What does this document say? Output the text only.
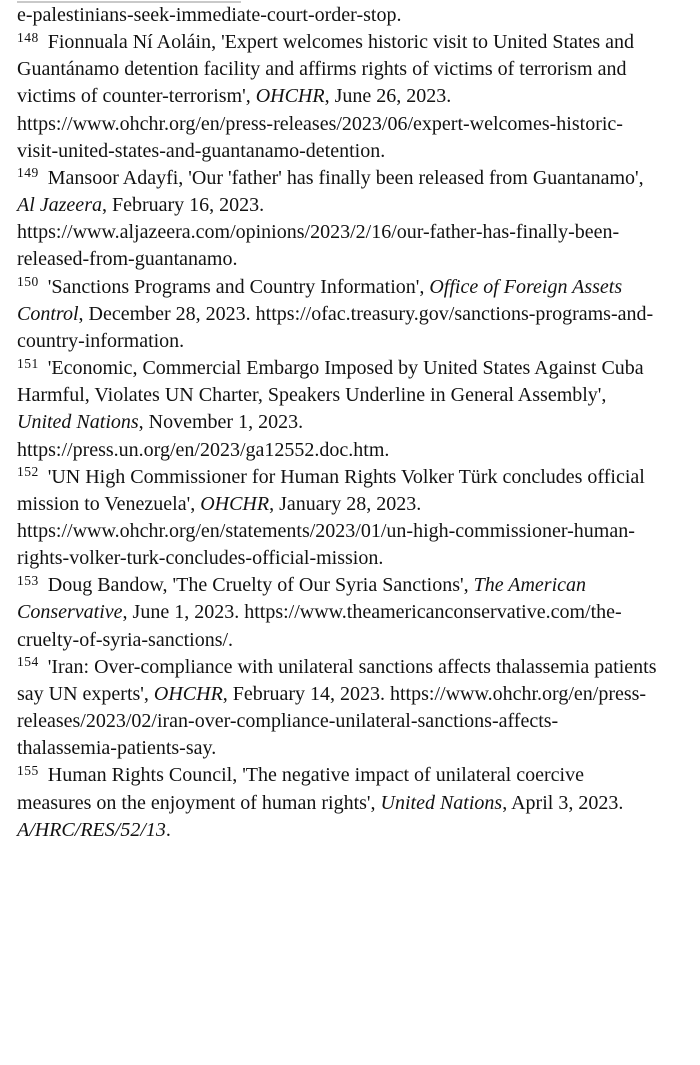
e-palestinians-seek-immediate-court-order-stop.

$^{148}$ Fionnuala Ní Aoláin, 'Expert welcomes historic visit to United States and Guantánamo detention facility and affirms rights of victims of terrorism and victims of counter-terrorism', OHCHR, June 26, 2023. https://www.ohchr.org/en/press-releases/2023/06/expert-welcomes-historic-visit-united-states-and-guantanamo-detention.

$^{149}$ Mansoor Adayfi, 'Our 'father' has finally been released from Guantanamo', Al Jazeera, February 16, 2023. https://www.aljazeera.com/opinions/2023/2/16/our-father-has-finally-been-released-from-guantanamo.

$^{150}$ 'Sanctions Programs and Country Information', Office of Foreign Assets Control, December 28, 2023. https://ofac.treasury.gov/sanctions-programs-and-country-information.

$^{151}$ 'Economic, Commercial Embargo Imposed by United States Against Cuba Harmful, Violates UN Charter, Speakers Underline in General Assembly', United Nations, November 1, 2023. https://press.un.org/en/2023/ga12552.doc.htm.

$^{152}$ 'UN High Commissioner for Human Rights Volker Türk concludes official mission to Venezuela', OHCHR, January 28, 2023. https://www.ohchr.org/en/statements/2023/01/un-high-commissioner-human-rights-volker-turk-concludes-official-mission.

$^{153}$ Doug Bandow, 'The Cruelty of Our Syria Sanctions', The American Conservative, June 1, 2023. https://www.theamericanconservative.com/the-cruelty-of-syria-sanctions/.

$^{154}$ 'Iran: Over-compliance with unilateral sanctions affects thalassemia patients say UN experts', OHCHR, February 14, 2023. https://www.ohchr.org/en/press-releases/2023/02/iran-over-compliance-unilateral-sanctions-affects-thalassemia-patients-say.

$^{155}$ Human Rights Council, 'The negative impact of unilateral coercive measures on the enjoyment of human rights', United Nations, April 3, 2023. A/HRC/RES/52/13.
